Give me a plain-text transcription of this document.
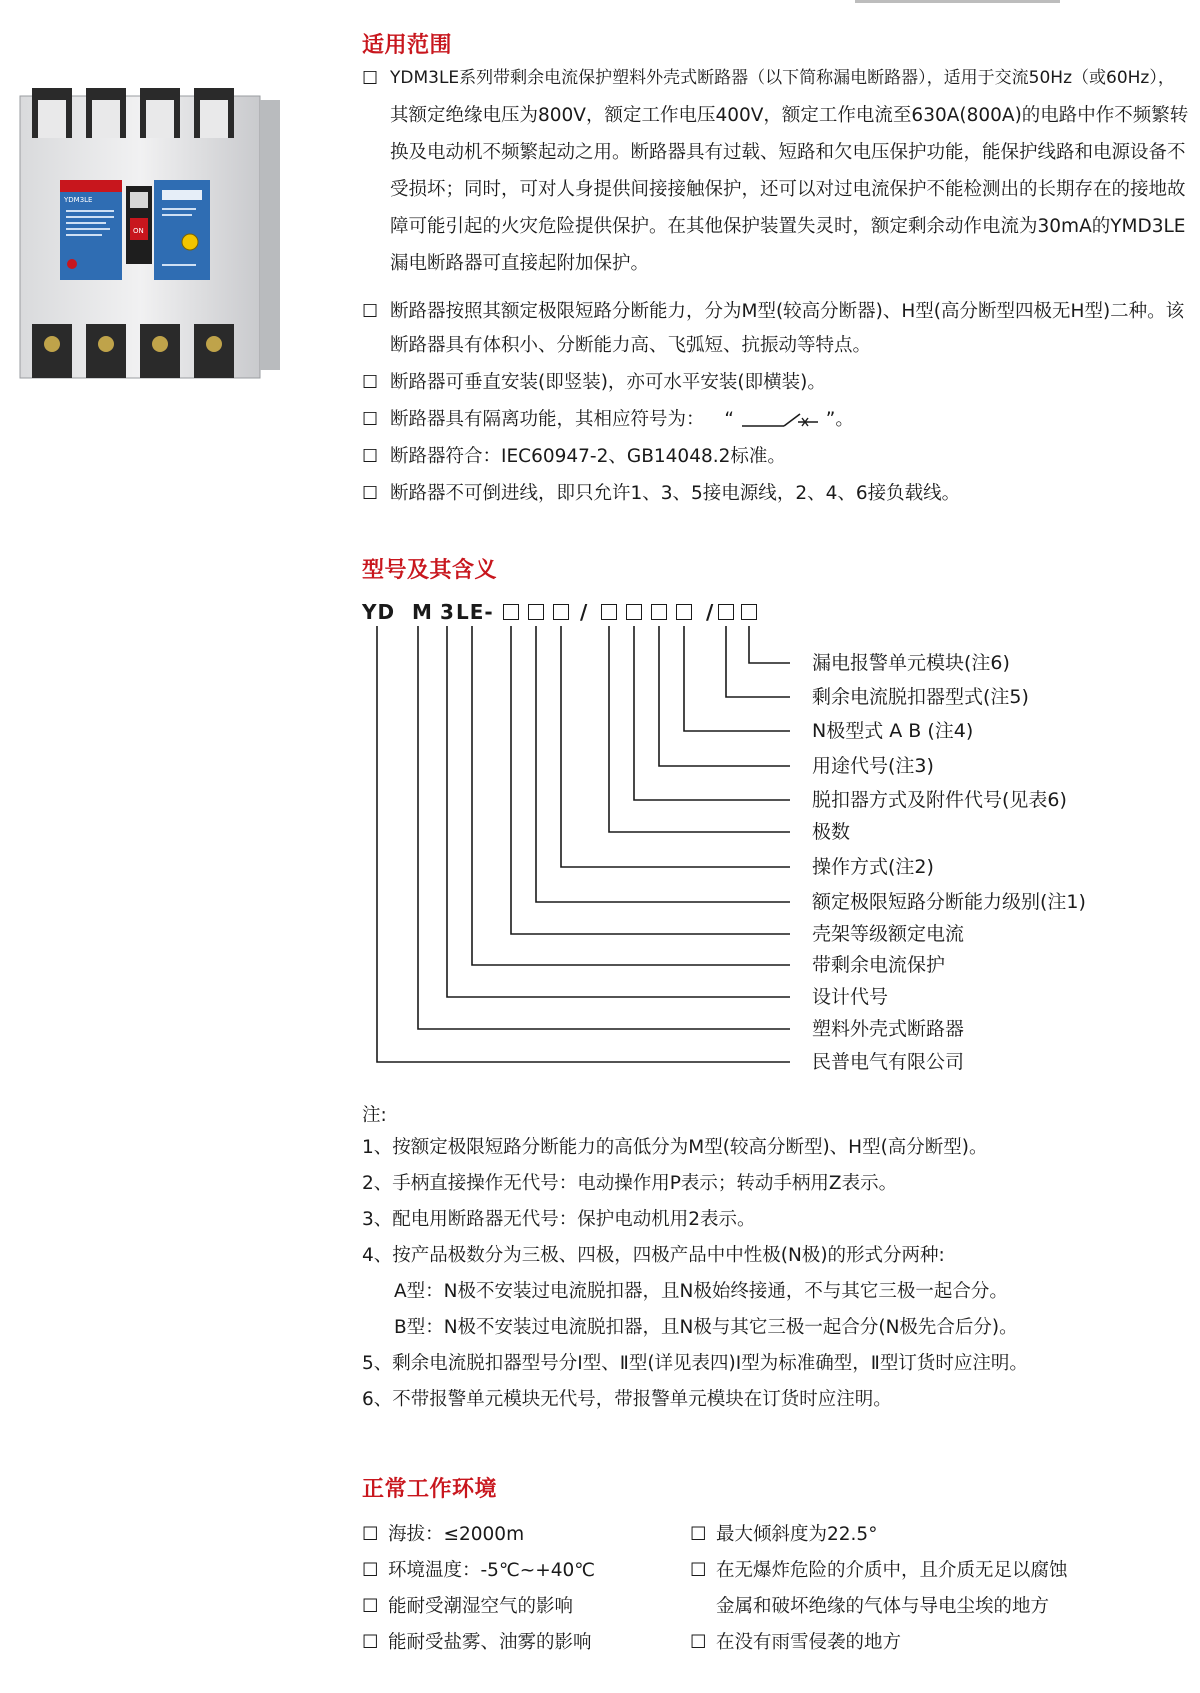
YDM3LE
ON
适用范围
☐ YDM3LE系列带剩余电流保护塑料外壳式断路器（以下简称漏电断路器），适用于交流50Hz（或60Hz），
其额定绝缘电压为800V，额定工作电压400V，额定工作电流至630A(800A)的电路中作不频繁转换及电动机不频繁起动之用。断路器具有过载、短路和欠电压保护功能，能保护线路和电源设备不受损坏；同时，可对人身提供间接接触保护，还可以对过电流保护不能检测出的长期存在的接地故障可能引起的火灾危险提供保护。在其他保护装置失灵时，额定剩余动作电流为30mA的YMD3LE漏电断路器可直接起附加保护。
☐ 断路器按照其额定极限短路分断能力，分为M型(较高分断器)、H型(高分断型四极无H型)二种。该断路器具有体积小、分断能力高、飞弧短、抗振动等特点。
☐ 断路器可垂直安装(即竖装)，亦可水平安装(即横装)。
☐ 断路器具有隔离功能，其相应符号为： “	”。
☐ 断路器符合：IEC60947-2、GB14048.2标准。
☐ 断路器不可倒进线，即只允许1、3、5接电源线，2、4、6接负载线。
型号及其含义
YD M 3 LE-	/	/
漏电报警单元模块(注6)
剩余电流脱扣器型式(注5)
N极型式 A B (注4)
用途代号(注3)
脱扣器方式及附件代号(见表6)
极数
操作方式(注2)
额定极限短路分断能力级别(注1)
壳架等级额定电流
带剩余电流保护
设计代号
塑料外壳式断路器
民普电气有限公司
注:
1、按额定极限短路分断能力的高低分为M型(较高分断型)、H型(高分断型)。
2、手柄直接操作无代号：电动操作用P表示；转动手柄用Z表示。
3、配电用断路器无代号：保护电动机用2表示。
4、按产品极数分为三极、四极，四极产品中中性极(N极)的形式分两种:
A型：N极不安装过电流脱扣器，且N极始终接通，不与其它三极一起合分。
B型：N极不安装过电流脱扣器，且N极与其它三极一起合分(N极先合后分)。
5、剩余电流脱扣器型号分Ⅰ型、Ⅱ型(详见表四)Ⅰ型为标准确型，Ⅱ型订货时应注明。
6、不带报警单元模块无代号，带报警单元模块在订货时应注明。
正常工作环境
☐ 海拔：≤2000m
☐ 环境温度：-5℃~+40℃
☐ 能耐受潮湿空气的影响
☐ 能耐受盐雾、油雾的影响
☐ 最大倾斜度为22.5°
☐ 在无爆炸危险的介质中，且介质无足以腐蚀
金属和破坏绝缘的气体与导电尘埃的地方
☐ 在没有雨雪侵袭的地方
